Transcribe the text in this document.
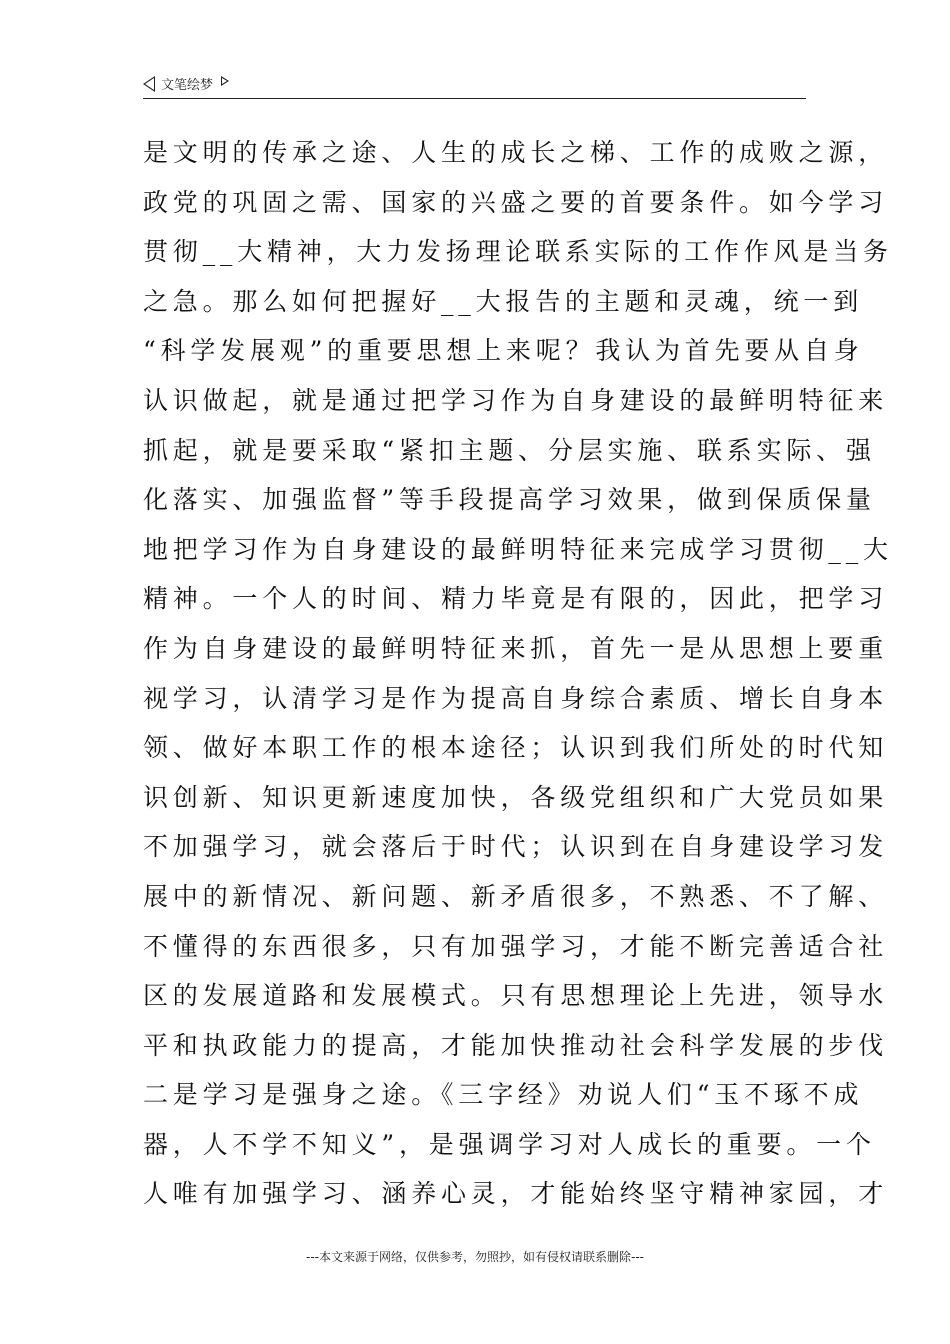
文笔绘梦
是文明的传承之途、人生的成长之梯、工作的成败之源，
政党的巩固之需、国家的兴盛之要的首要条件。如今学习
贯彻__大精神，大力发扬理论联系实际的工作作风是当务
之急。那么如何把握好__大报告的主题和灵魂，统一到
“科学发展观”的重要思想上来呢？我认为首先要从自身
认识做起，就是通过把学习作为自身建设的最鲜明特征来
抓起，就是要采取“紧扣主题、分层实施、联系实际、强
化落实、加强监督”等手段提高学习效果，做到保质保量
地把学习作为自身建设的最鲜明特征来完成学习贯彻__大
精神。一个人的时间、精力毕竟是有限的，因此，把学习
作为自身建设的最鲜明特征来抓，首先一是从思想上要重
视学习，认清学习是作为提高自身综合素质、增长自身本
领、做好本职工作的根本途径；认识到我们所处的时代知
识创新、知识更新速度加快，各级党组织和广大党员如果
不加强学习，就会落后于时代；认识到在自身建设学习发
展中的新情况、新问题、新矛盾很多，不熟悉、不了解、
不懂得的东西很多，只有加强学习，才能不断完善适合社
区的发展道路和发展模式。只有思想理论上先进，领导水
平和执政能力的提高，才能加快推动社会科学发展的步伐
二是学习是强身之途。《三字经》劝说人们“玉不琢不成
器，人不学不知义”，是强调学习对人成长的重要。一个
人唯有加强学习、涵养心灵，才能始终坚守精神家园，才
---本文来源于网络，仅供参考，勿照抄，如有侵权请联系删除---
